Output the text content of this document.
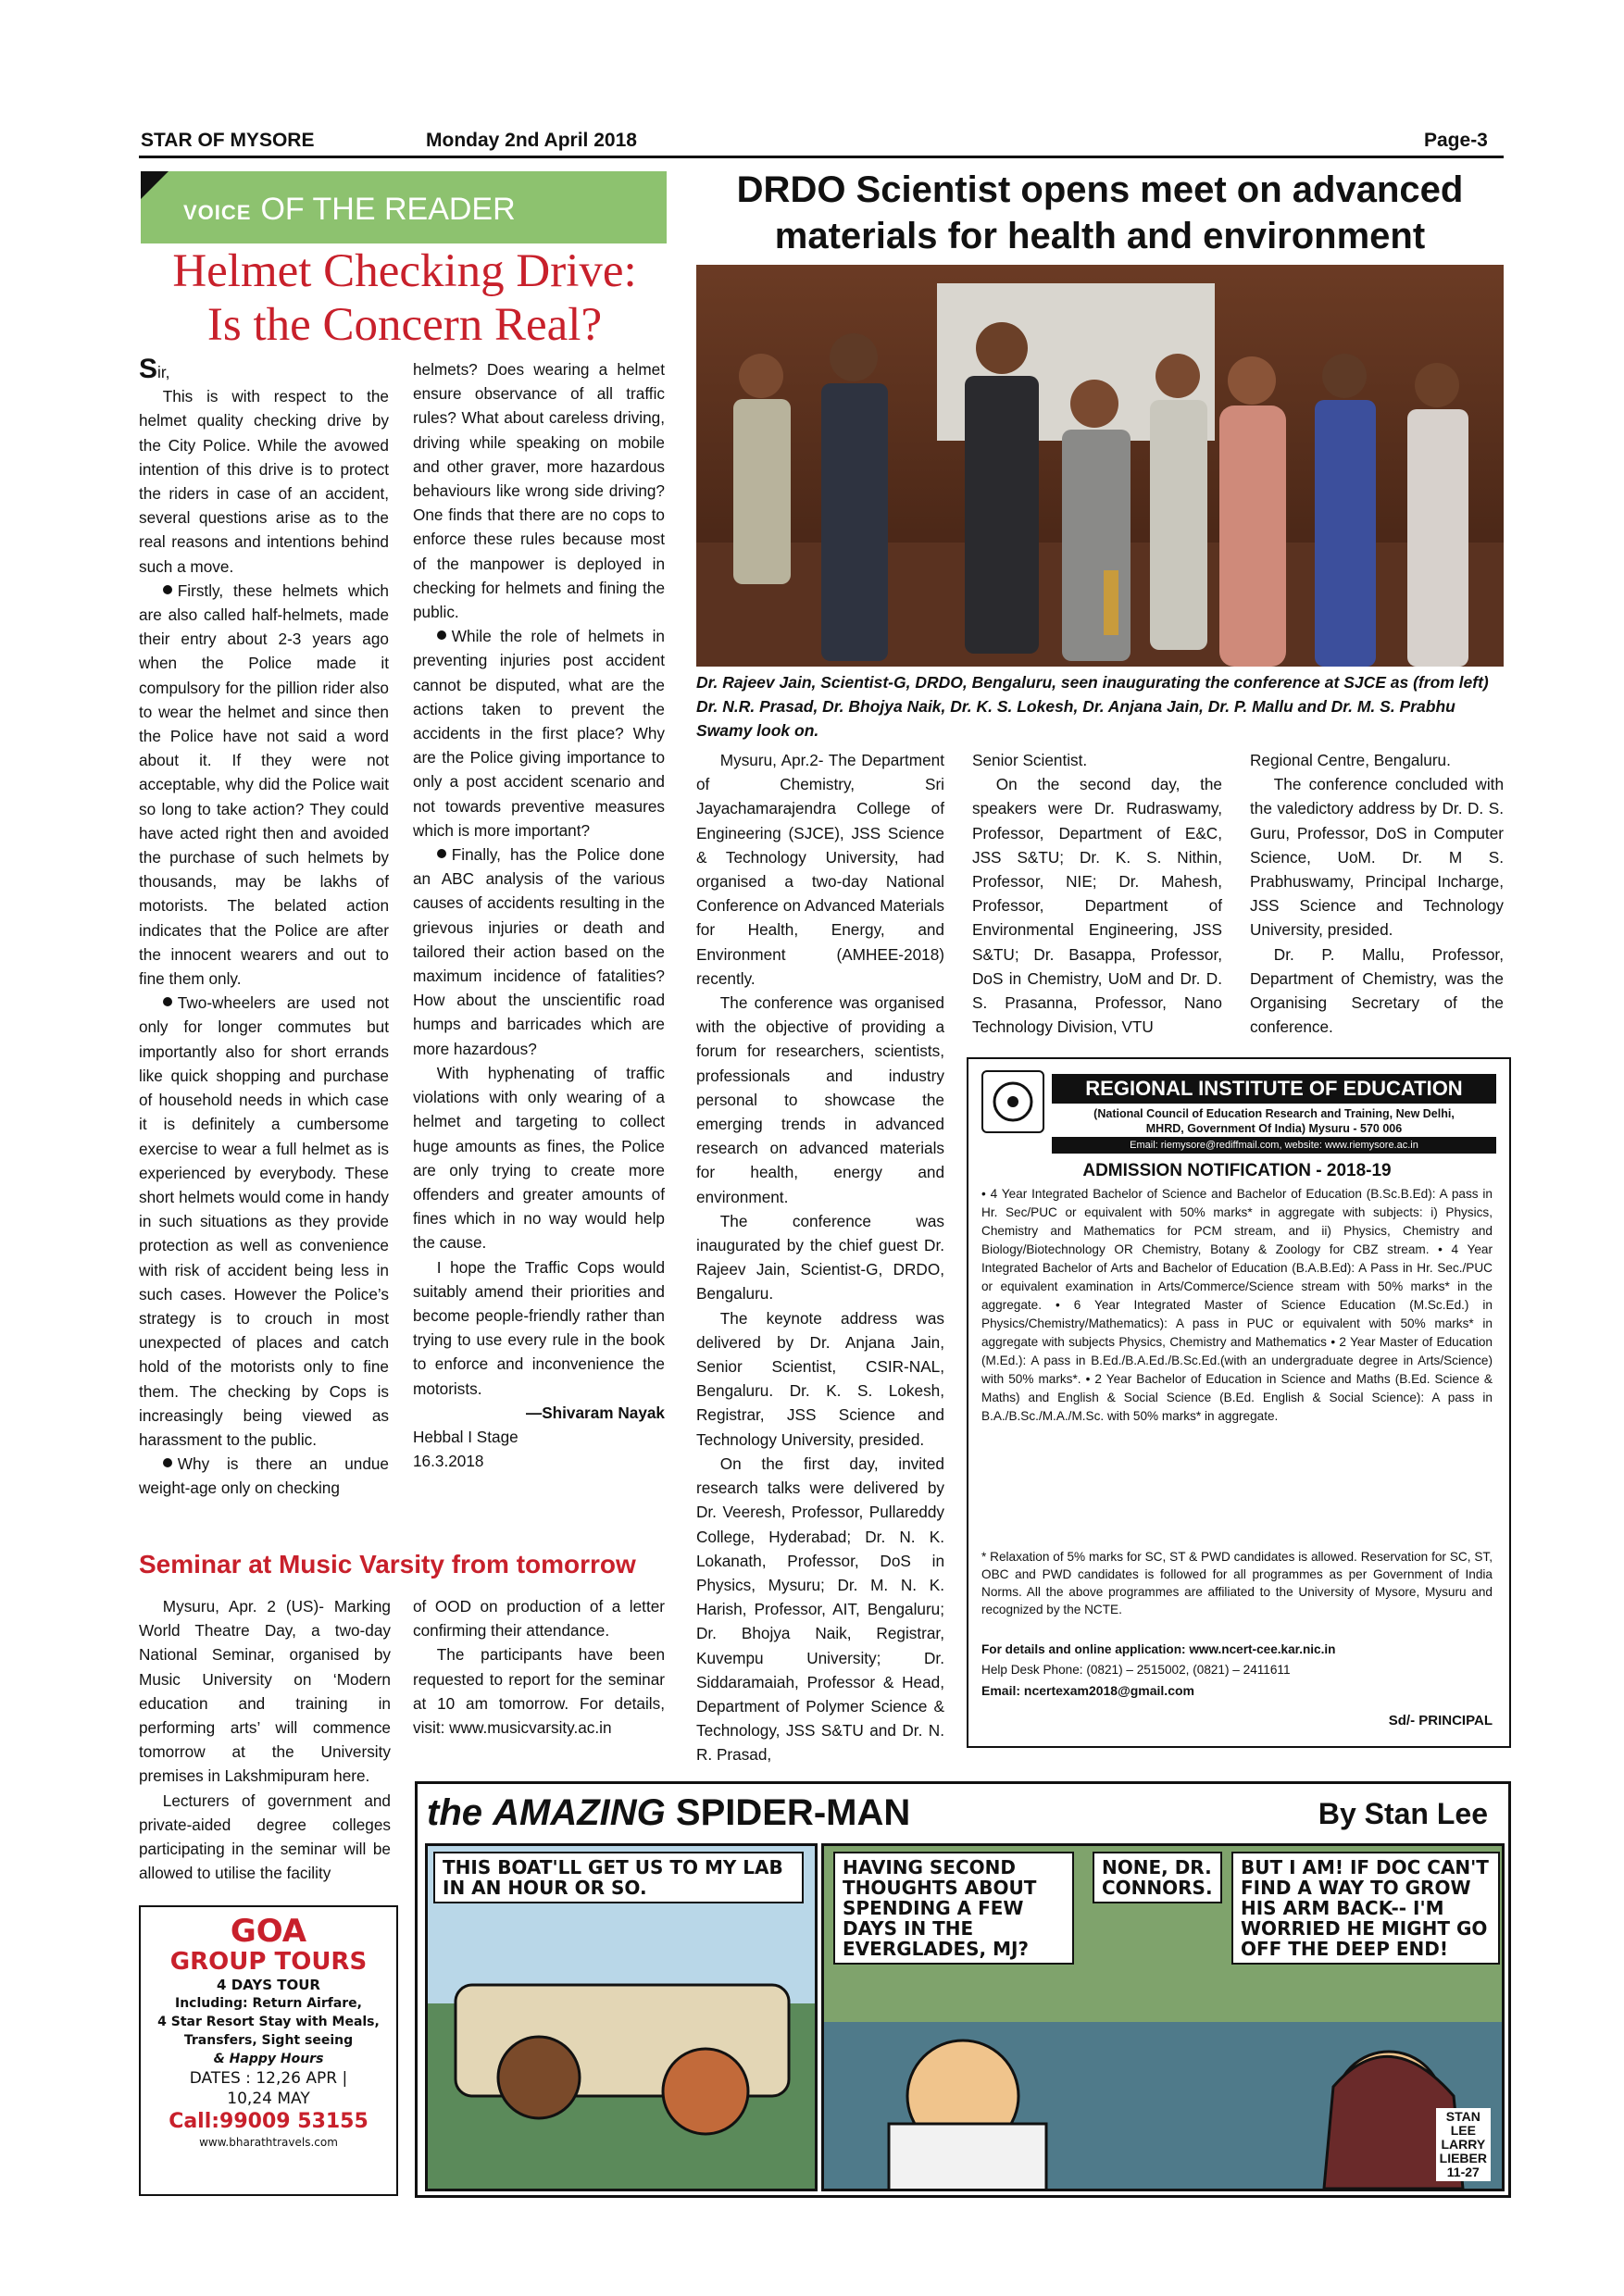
STAR OF MYSORE	Monday 2nd April 2018	Page-3
VOICE OF THE READER
Helmet Checking Drive:
Is the Concern Real?

Sir,

This is with respect to the helmet quality checking drive by the City Police. While the avowed intention of this drive is to protect the riders in case of an accident, several questions arise as to the real reasons and intentions behind such a move.

Firstly, these helmets which are also called half-helmets, made their entry about 2-3 years ago when the Police made it compulsory for the pillion rider also to wear the helmet and since then the Police have not said a word about it. If they were not acceptable, why did the Police wait so long to take action? They could have acted right then and avoided the purchase of such helmets by thousands, may be lakhs of motorists. The belated action indicates that the Police are after the innocent wearers and out to fine them only.

Two-wheelers are used not only for longer commutes but importantly also for short errands like quick shopping and purchase of household needs in which case it is definitely a cumbersome exercise to wear a full helmet as is experienced by everybody. These short helmets would come in handy in such situations as they provide protection as well as convenience with risk of accident being less in such cases. However the Police’s strategy is to crouch in most unexpected of places and catch hold of the motorists only to fine them. The checking by Cops is increasingly being viewed as harassment to the public.

Why is there an undue weight-age only on checking

helmets? Does wearing a helmet ensure observance of all traffic rules? What about careless driving, driving while speaking on mobile and other graver, more hazardous behaviours like wrong side driving? One finds that there are no cops to enforce these rules because most of the manpower is deployed in checking for helmets and fining the public.

While the role of helmets in preventing injuries post accident cannot be disputed, what are the actions taken to prevent the accidents in the first place? Why are the Police giving importance to only a post accident scenario and not towards preventive measures which is more important?

Finally, has the Police done an ABC analysis of the various causes of accidents resulting in the grievous injuries or death and tailored their action based on the maximum incidence of fatalities? How about the unscientific road humps and barricades which are more hazardous?

With hyphenating of traffic violations with only wearing of a helmet and targeting to collect huge amounts as fines, the Police are only trying to create more offenders and greater amounts of fines which in no way would help the cause.

I hope the Traffic Cops would suitably amend their priorities and become people-friendly rather than trying to use every rule in the book to enforce and inconvenience the motorists.

—Shivaram Nayak

Hebbal I Stage

16.3.2018

DRDO Scientist opens meet on advanced
materials for health and environment
Dr. Rajeev Jain, Scientist-G, DRDO, Bengaluru, seen inaugurating the conference at SJCE as (from left) Dr. N.R. Prasad, Dr. Bhojya Naik, Dr. K. S. Lokesh, Dr. Anjana Jain, Dr. P. Mallu and Dr. M. S. Prabhu Swamy look on.

Mysuru, Apr.2- The Department of Chemistry, Sri Jayachamarajendra College of Engineering (SJCE), JSS Science & Technology University, had organised a two-day National Conference on Advanced Materials for Health, Energy, and Environment (AMHEE-2018) recently.

The conference was organised with the objective of providing a forum for researchers, scientists, professionals and industry personal to showcase the emerging trends in advanced research on advanced materials for health, energy and environment.

The conference was inaugurated by the chief guest Dr. Rajeev Jain, Scientist-G, DRDO, Bengaluru.

The keynote address was delivered by Dr. Anjana Jain, Senior Scientist, CSIR-NAL, Bengaluru. Dr. K. S. Lokesh, Registrar, JSS Science and Technology University, presided.

On the first day, invited research talks were delivered by Dr. Veeresh, Professor, Pullareddy College, Hyderabad; Dr. N. K. Lokanath, Professor, DoS in Physics, Mysuru; Dr. M. N. K. Harish, Professor, AIT, Bengaluru; Dr. Bhojya Naik, Registrar, Kuvempu University; Dr. Siddaramaiah, Professor & Head, Department of Polymer Science & Technology, JSS S&TU and Dr. N. R. Prasad,

Senior Scientist.

On the second day, the speakers were Dr. Rudraswamy, Professor, Department of E&C, JSS S&TU; Dr. K. S. Nithin, Professor, NIE; Dr. Mahesh, Professor, Department of Environmental Engineering, JSS S&TU; Dr. Basappa, Professor, DoS in Chemistry, UoM and Dr. D. S. Prasanna, Professor, Nano Technology Division, VTU

Regional Centre, Bengaluru.

The conference concluded with the valedictory address by Dr. D. S. Guru, Professor, DoS in Computer Science, UoM. Dr. M S. Prabhuswamy, Principal Incharge, JSS Science and Technology University, presided.

Dr. P. Mallu, Professor, Department of Chemistry, was the Organising Secretary of the conference.

REGIONAL INSTITUTE OF EDUCATION
(National Council of Education Research and Training, New Delhi,
MHRD, Government Of India) Mysuru - 570 006
Email: riemysore@rediffmail.com, website: www.riemysore.ac.in
ADMISSION NOTIFICATION - 2018-19
• 4 Year Integrated Bachelor of Science and Bachelor of Education (B.Sc.B.Ed): A pass in Hr. Sec/PUC or equivalent with 50% marks* in aggregate with subjects: i) Physics, Chemistry and Mathematics for PCM stream, and ii) Physics, Chemistry and Biology/Biotechnology OR Chemistry, Botany & Zoology for CBZ stream. • 4 Year Integrated Bachelor of Arts and Bachelor of Education (B.A.B.Ed): A Pass in Hr. Sec./PUC or equivalent examination in Arts/Commerce/Science stream with 50% marks* in the aggregate. • 6 Year Integrated Master of Science Education (M.Sc.Ed.) in Physics/Chemistry/Mathematics): A pass in PUC or equivalent with 50% marks* in aggregate with subjects Physics, Chemistry and Mathematics • 2 Year Master of Education (M.Ed.): A pass in B.Ed./B.A.Ed./B.Sc.Ed.(with an undergraduate degree in Arts/Science) with 50% marks*. • 2 Year Bachelor of Education in Science and Maths (B.Ed. Science & Maths) and English & Social Science (B.Ed. English & Social Science): A pass in B.A./B.Sc./M.A./M.Sc. with 50% marks* in aggregate.
* Relaxation of 5% marks for SC, ST & PWD candidates is allowed. Reservation for SC, ST, OBC and PWD candidates is followed for all programmes as per Government of India Norms. All the above programmes are affiliated to the University of Mysore, Mysuru and recognized by the NCTE.
For details and online application: www.ncert-cee.kar.nic.in
Help Desk Phone: (0821) – 2515002, (0821) – 2411611
Email: ncertexam2018@gmail.com
Sd/- PRINCIPAL
Seminar at Music Varsity from tomorrow

Mysuru, Apr. 2 (US)- Marking World Theatre Day, a two-day National Seminar, organised by Music University on ‘Modern education and training in performing arts’ will commence tomorrow at the University premises in Lakshmipuram here.

Lecturers of government and private-aided degree colleges participating in the seminar will be allowed to utilise the facility

of OOD on production of a letter confirming their attendance.

The participants have been requested to report for the seminar at 10 am tomorrow. For details, visit: www.musicvarsity.ac.in

GOA
GROUP TOURS
4 DAYS TOUR
Including: Return Airfare,
4 Star Resort Stay with Meals,
Transfers, Sight seeing
& Happy Hours
DATES : 12,26 APR |
10,24 MAY
Call:99009 53155
www.bharathtravels.com
the AMAZING SPIDER-MAN	By Stan Lee
THIS BOAT'LL GET US TO MY LAB IN AN HOUR OR SO.
HAVING SECOND THOUGHTS ABOUT SPENDING A FEW DAYS IN THE EVERGLADES, MJ?
NONE, DR. CONNORS.
BUT I AM! IF DOC CAN'T FIND A WAY TO GROW HIS ARM BACK-- I'M WORRIED HE MIGHT GO OFF THE DEEP END!
STAN
LEE
LARRY
LIEBER
11-27
